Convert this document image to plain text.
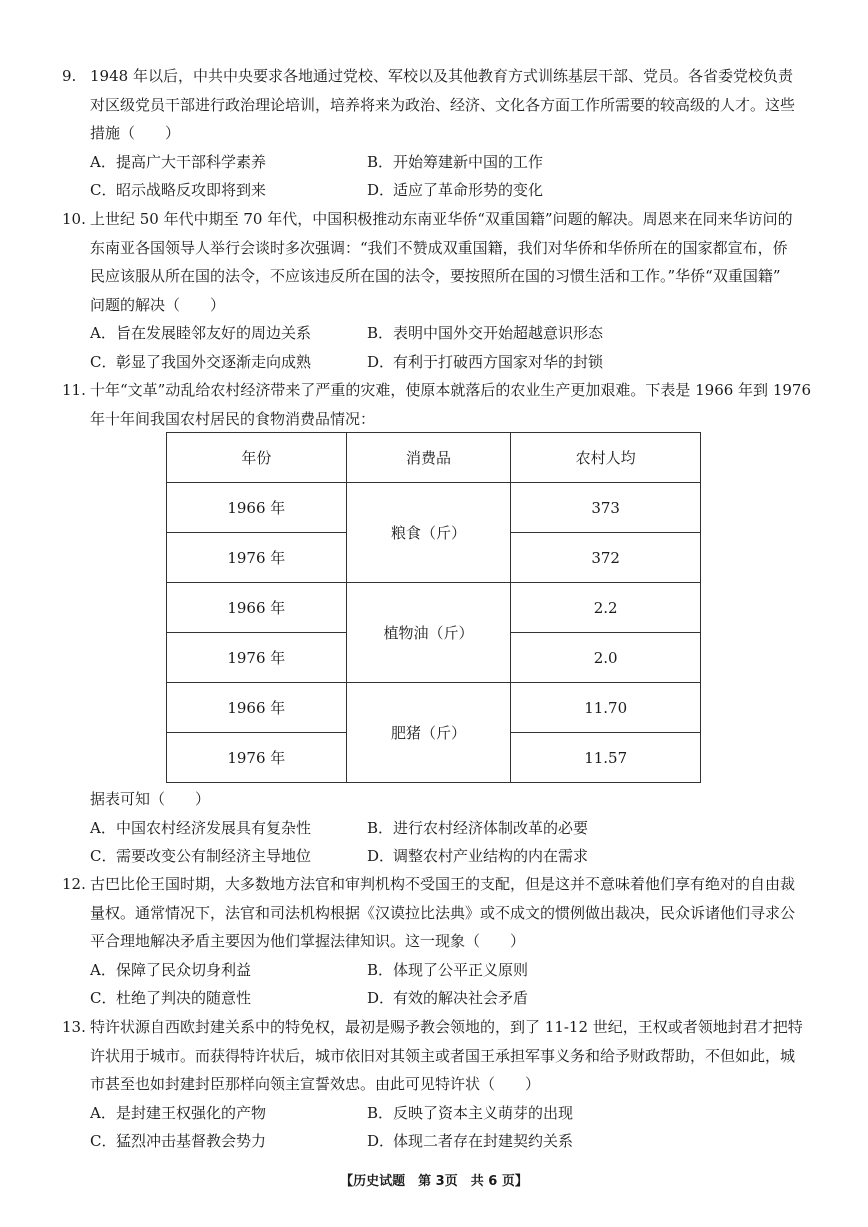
9. 1948 年以后，中共中央要求各地通过党校、军校以及其他教育方式训练基层干部、党员。各省委党校负责
对区级党员干部进行政治理论培训，培养将来为政治、经济、文化各方面工作所需要的较高级的人才。这些
措施（　　）

A．提高广大干部科学素养	B．开始筹建新中国的工作
C．昭示战略反攻即将到来	D．适应了革命形势的变化

10. 上世纪 50 年代中期至 70 年代，中国积极推动东南亚华侨“双重国籍”问题的解决。周恩来在同来华访问的
东南亚各国领导人举行会谈时多次强调：“我们不赞成双重国籍，我们对华侨和华侨所在的国家都宣布，侨
民应该服从所在国的法令，不应该违反所在国的法令，要按照所在国的习惯生活和工作。”华侨“双重国籍”
问题的解决（　　）

A．旨在发展睦邻友好的周边关系	B．表明中国外交开始超越意识形态
C．彰显了我国外交逐渐走向成熟	D．有利于打破西方国家对华的封锁

11. 十年“文革”动乱给农村经济带来了严重的灾难，使原本就落后的农业生产更加艰难。下表是 1966 年到 1976
年十年间我国农村居民的食物消费品情况：

年份	消费品	农村人均
1966 年	粮食（斤）	373
1976 年		372
1966 年	植物油（斤）	2.2
1976 年		2.0
1966 年	肥猪（斤）	11.70
1976 年		11.57

据表可知（　　）

A．中国农村经济发展具有复杂性	B．进行农村经济体制改革的必要
C．需要改变公有制经济主导地位	D．调整农村产业结构的内在需求

12. 古巴比伦王国时期，大多数地方法官和审判机构不受国王的支配，但是这并不意味着他们享有绝对的自由裁
量权。通常情况下，法官和司法机构根据《汉谟拉比法典》或不成文的惯例做出裁决，民众诉诸他们寻求公
平合理地解决矛盾主要因为他们掌握法律知识。这一现象（　　）

A．保障了民众切身利益	B．体现了公平正义原则
C．杜绝了判决的随意性	D．有效的解决社会矛盾

13. 特许状源自西欧封建关系中的特免权，最初是赐予教会领地的，到了 11-12 世纪，王权或者领地封君才把特
许状用于城市。而获得特许状后，城市依旧对其领主或者国王承担军事义务和给予财政帮助，不但如此，城
市甚至也如封建封臣那样向领主宣誓效忠。由此可见特许状（　　）

A．是封建王权强化的产物	B．反映了资本主义萌芽的出现
C．猛烈冲击基督教会势力	D．体现二者存在封建契约关系
【历史试题　第 3页　共 6 页】
